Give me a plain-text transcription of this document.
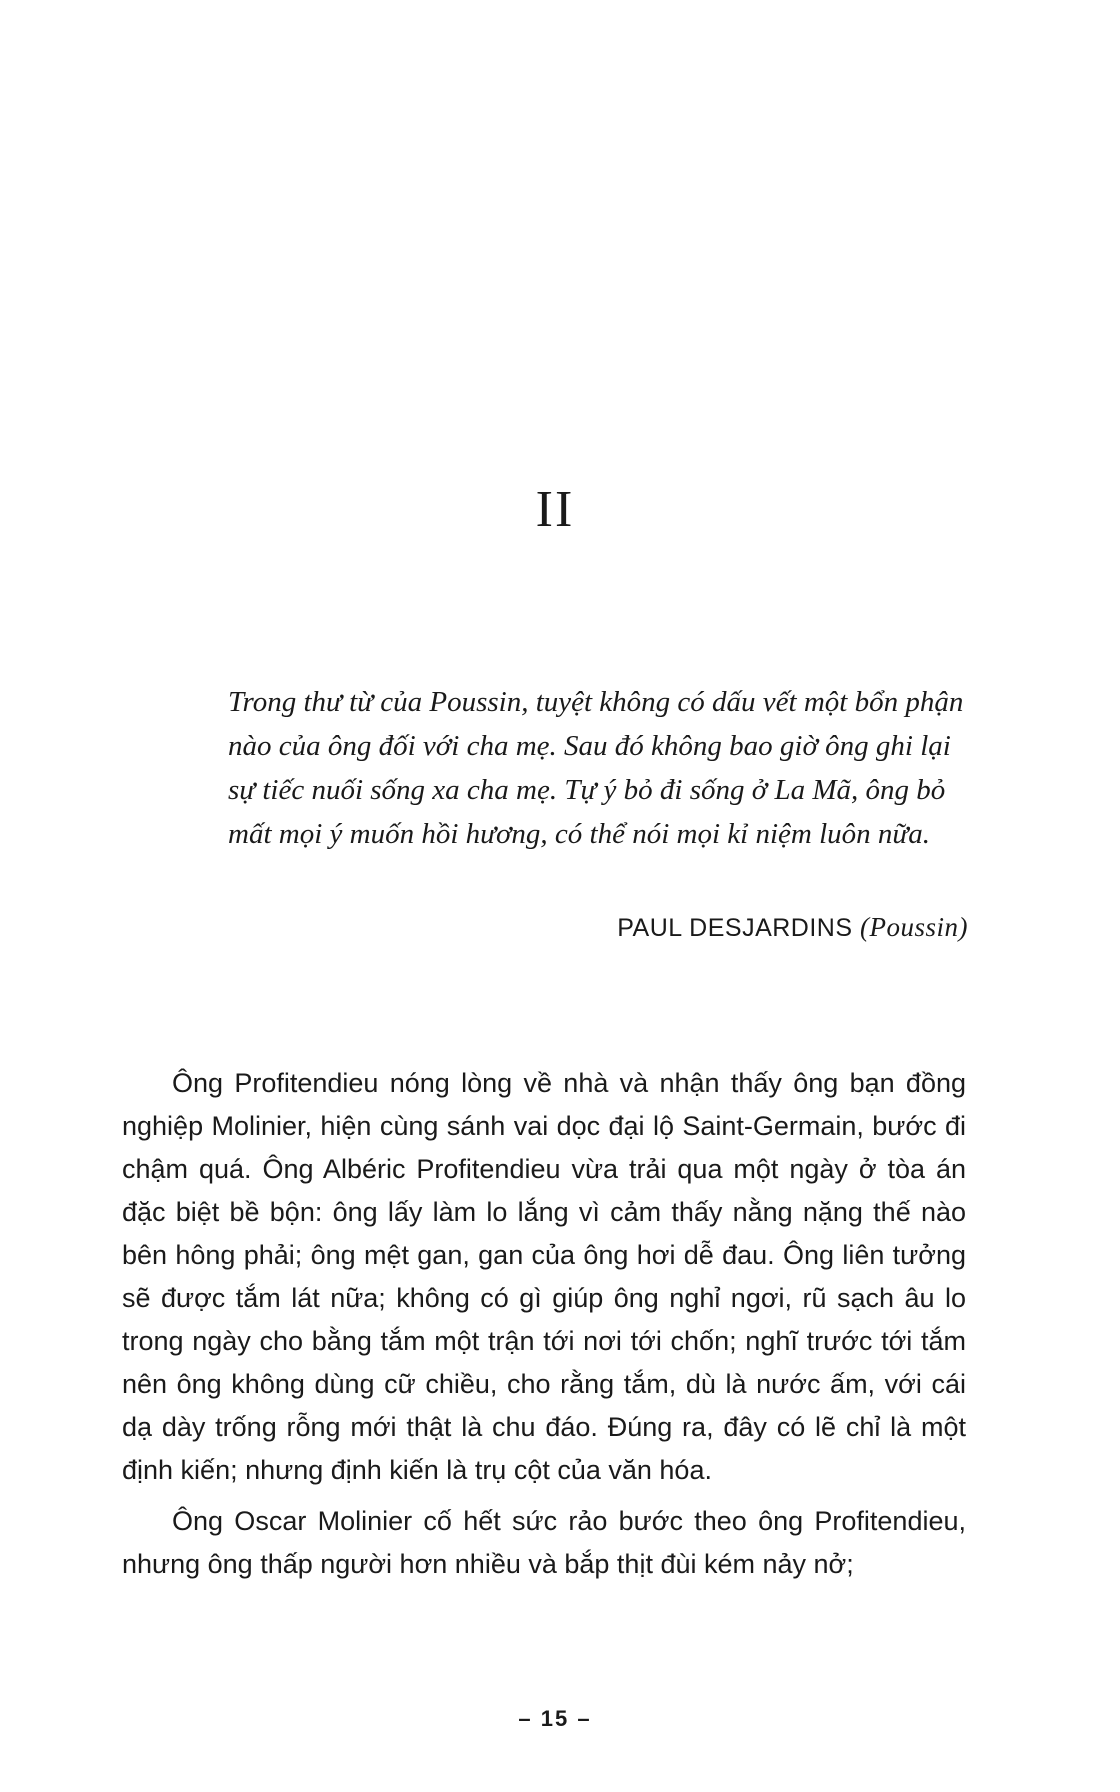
II

Trong thư từ của Poussin, tuyệt không có dấu vết một bổn phận nào của ông đối với cha mẹ. Sau đó không bao giờ ông ghi lại sự tiếc nuối sống xa cha mẹ. Tự ý bỏ đi sống ở La Mã, ông bỏ mất mọi ý muốn hồi hương, có thể nói mọi kỉ niệm luôn nữa.

PAUL DESJARDINS (Poussin)

Ông Profitendieu nóng lòng về nhà và nhận thấy ông bạn đồng nghiệp Molinier, hiện cùng sánh vai dọc đại lộ Saint-Germain, bước đi chậm quá. Ông Albéric Profitendieu vừa trải qua một ngày ở tòa án đặc biệt bề bộn: ông lấy làm lo lắng vì cảm thấy nằng nặng thế nào bên hông phải; ông mệt gan, gan của ông hơi dễ đau. Ông liên tưởng sẽ được tắm lát nữa; không có gì giúp ông nghỉ ngơi, rũ sạch âu lo trong ngày cho bằng tắm một trận tới nơi tới chốn; nghĩ trước tới tắm nên ông không dùng cữ chiều, cho rằng tắm, dù là nước ấm, với cái dạ dày trống rỗng mới thật là chu đáo. Đúng ra, đây có lẽ chỉ là một định kiến; nhưng định kiến là trụ cột của văn hóa.

Ông Oscar Molinier cố hết sức rảo bước theo ông Profitendieu, nhưng ông thấp người hơn nhiều và bắp thịt đùi kém nảy nở;

– 15 –
